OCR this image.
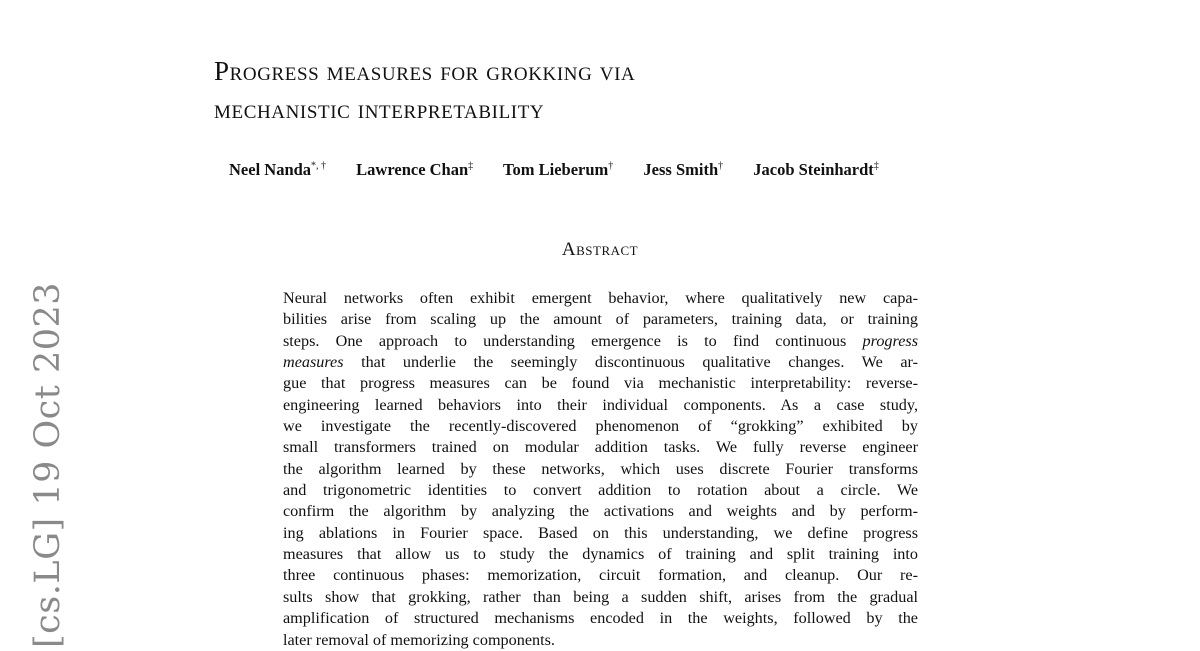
Progress measures for grokking via
mechanistic interpretability
Neel Nanda*, † Lawrence Chan‡ Tom Lieberum† Jess Smith† Jacob Steinhardt‡
Abstract
Neural networks often exhibit emergent behavior, where qualitatively new capa-
bilities arise from scaling up the amount of parameters, training data, or training
steps. One approach to understanding emergence is to find continuous progress
measures that underlie the seemingly discontinuous qualitative changes. We ar-
gue that progress measures can be found via mechanistic interpretability: reverse-
engineering learned behaviors into their individual components. As a case study,
we investigate the recently-discovered phenomenon of “grokking” exhibited by
small transformers trained on modular addition tasks. We fully reverse engineer
the algorithm learned by these networks, which uses discrete Fourier transforms
and trigonometric identities to convert addition to rotation about a circle. We
confirm the algorithm by analyzing the activations and weights and by perform-
ing ablations in Fourier space. Based on this understanding, we define progress
measures that allow us to study the dynamics of training and split training into
three continuous phases: memorization, circuit formation, and cleanup. Our re-
sults show that grokking, rather than being a sudden shift, arises from the gradual
amplification of structured mechanisms encoded in the weights, followed by the
later removal of memorizing components.
[cs.LG] 19 Oct 2023
